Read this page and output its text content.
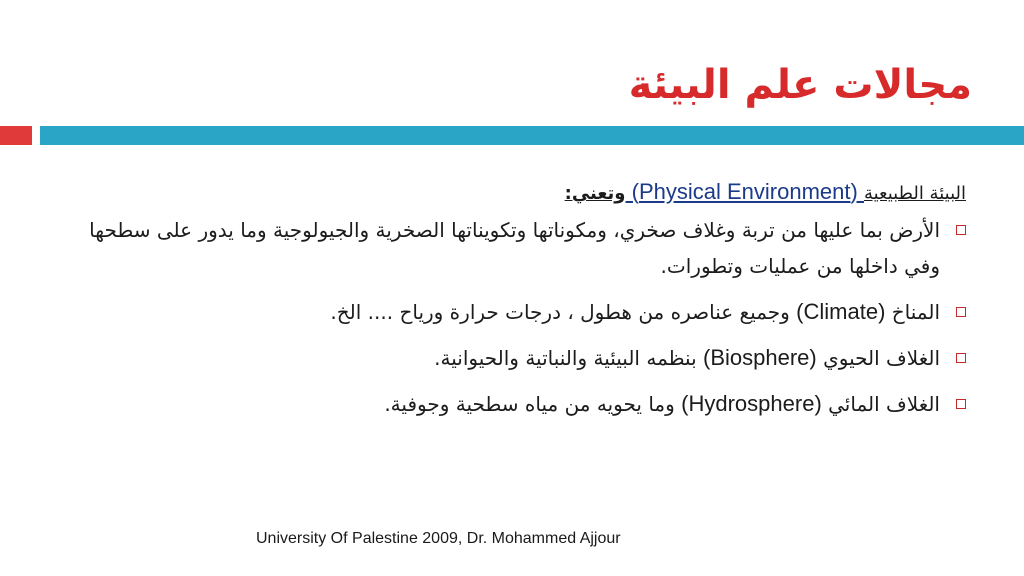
مجالات علم البيئة
البيئة الطبيعية (Physical Environment) وتعني:
الأرض بما عليها من تربة وغلاف صخري، ومكوناتها وتكويناتها الصخرية والجيولوجية وما يدور على سطحها وفي داخلها من عمليات وتطورات.
المناخ (Climate) وجميع عناصره من هطول ، درجات حرارة ورياح .... الخ.
الغلاف الحيوي (Biosphere) بنظمه البيئية والنباتية والحيوانية.
الغلاف المائي (Hydrosphere) وما يحويه من مياه سطحية وجوفية.
University Of Palestine 2009, Dr. Mohammed Ajjour
